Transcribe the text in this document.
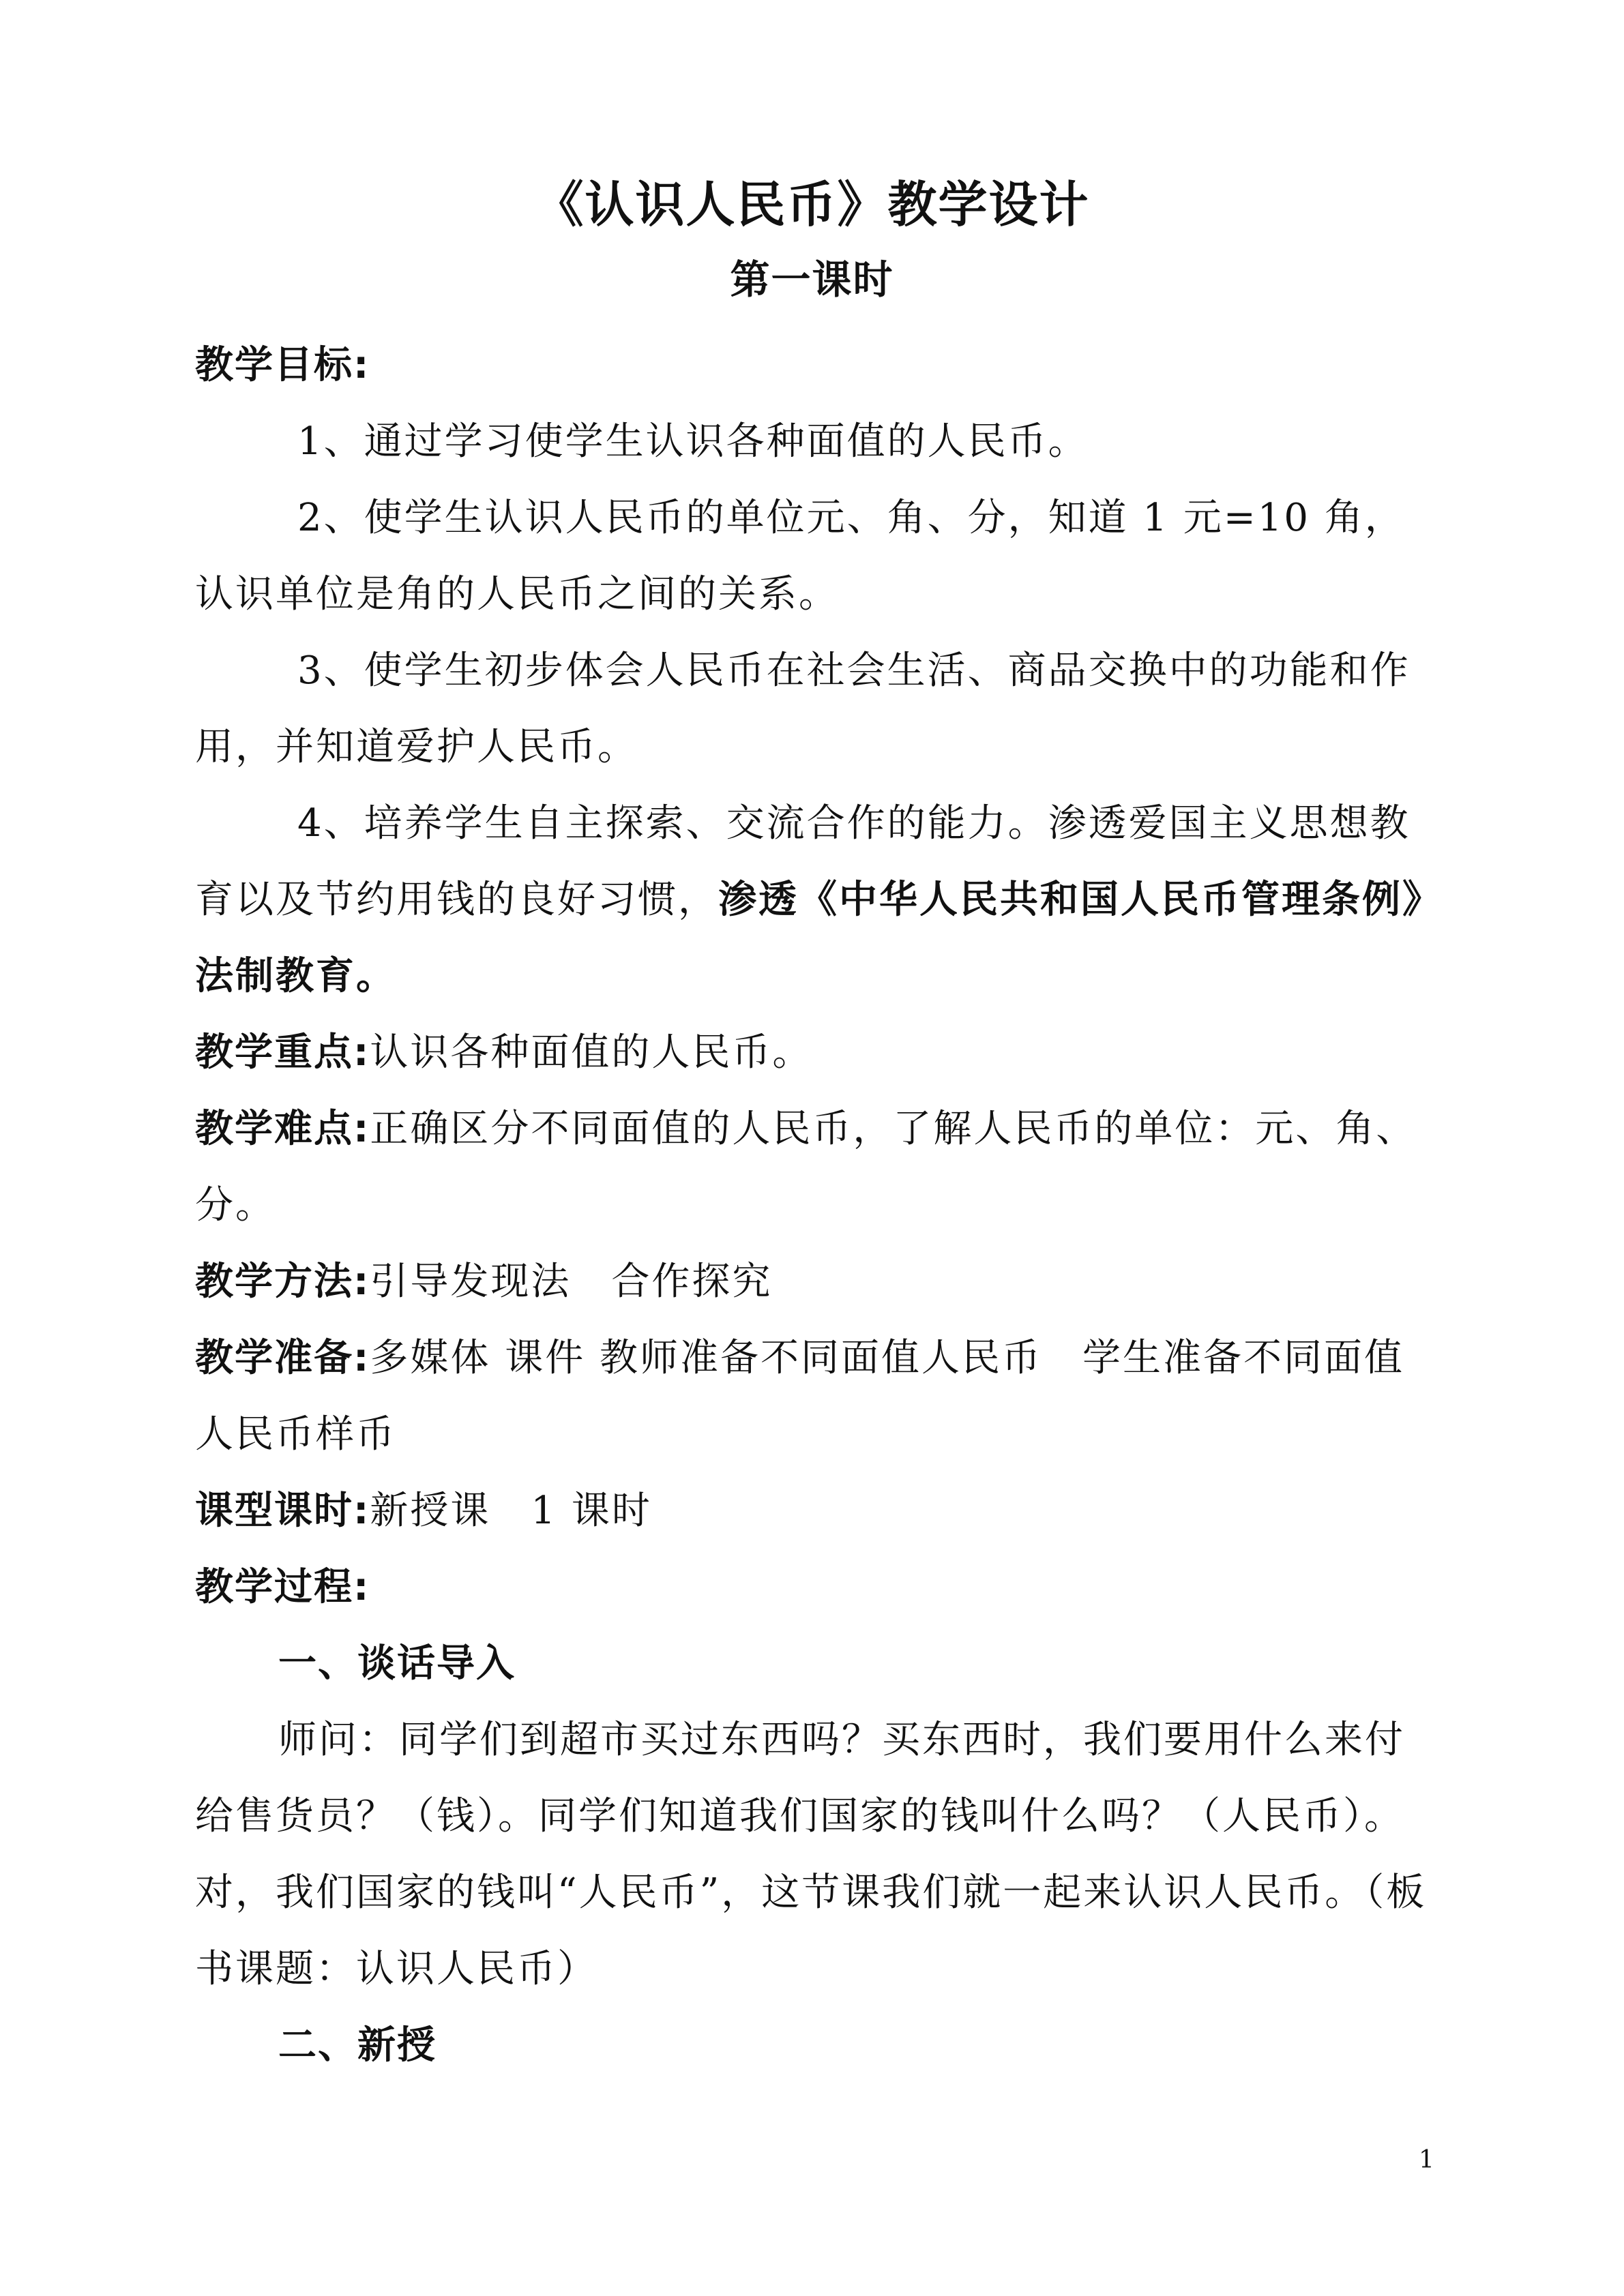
《认识人民币》教学设计
第一课时

教学目标:

1、通过学习使学生认识各种面值的人民币。

2、使学生认识人民币的单位元、角、分，知道 1 元=10 角，认识单位是角的人民币之间的关系。

3、使学生初步体会人民币在社会生活、商品交换中的功能和作用，并知道爱护人民币。

4、培养学生自主探索、交流合作的能力。渗透爱国主义思想教育以及节约用钱的良好习惯，渗透《中华人民共和国人民币管理条例》法制教育。

教学重点:认识各种面值的人民币。

教学难点:正确区分不同面值的人民币，了解人民币的单位：元、角、分。

教学方法:引导发现法　合作探究

教学准备:多媒体 课件 教师准备不同面值人民币　学生准备不同面值人民币样币

课型课时:新授课　1 课时

教学过程:

一、谈话导入

师问：同学们到超市买过东西吗？买东西时，我们要用什么来付给售货员？（钱）。同学们知道我们国家的钱叫什么吗？（人民币）。对，我们国家的钱叫“人民币”，这节课我们就一起来认识人民币。（板书课题：认识人民币）

二、新授

1
